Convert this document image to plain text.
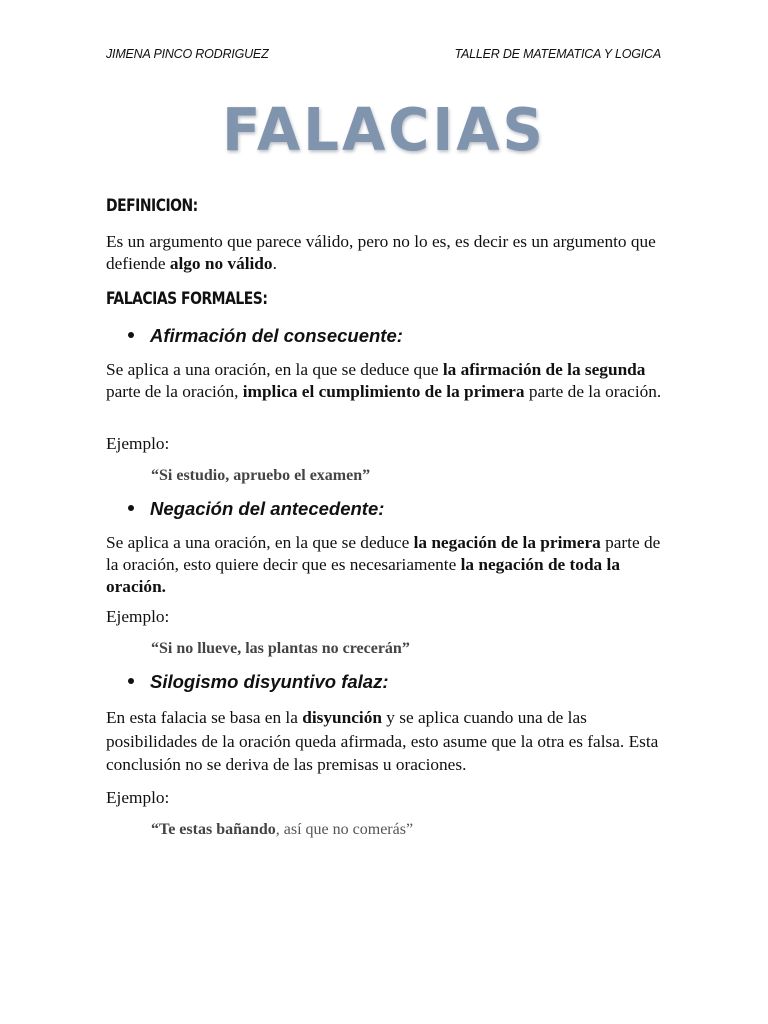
JIMENA PINCO RODRIGUEZ	TALLER DE MATEMATICA Y LOGICA
FALACIAS
DEFINICION:
Es un argumento que parece válido, pero no lo es, es decir es un argumento que defiende algo no válido.
FALACIAS FORMALES:
Afirmación del consecuente:
Se aplica a una oración, en la que se deduce que la afirmación de la segunda parte de la oración, implica el cumplimiento de la primera parte de la oración.
Ejemplo:
“Si estudio, apruebo el examen”
Negación del antecedente:
Se aplica a una oración, en la que se deduce la negación de la primera parte de la oración, esto quiere decir que es necesariamente la negación de toda la oración.
Ejemplo:
“Si no llueve, las plantas no crecerán”
Silogismo disyuntivo falaz:
En esta falacia se basa en la disyunción y se aplica cuando una de las posibilidades de la oración queda afirmada, esto asume que la otra es falsa. Esta conclusión no se deriva de las premisas u oraciones.
Ejemplo:
“Te estas bañando, así que no comerás”
